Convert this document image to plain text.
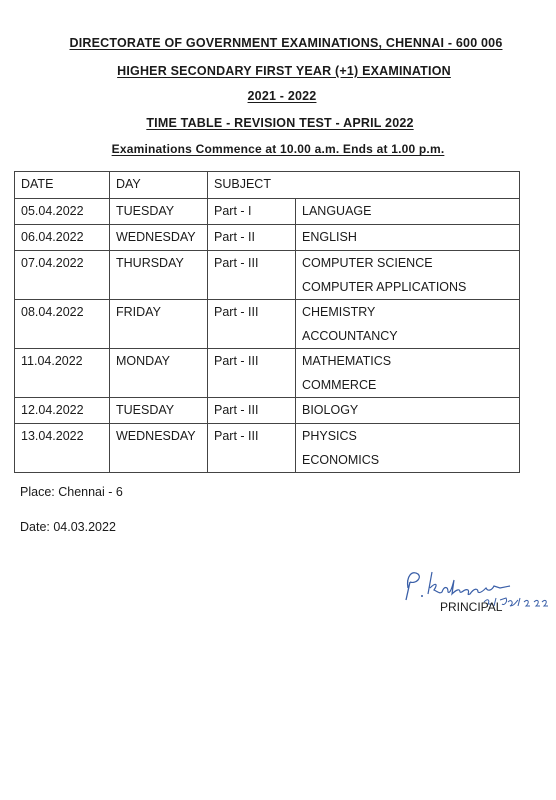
DIRECTORATE OF GOVERNMENT EXAMINATIONS, CHENNAI - 600 006
HIGHER SECONDARY FIRST YEAR (+1) EXAMINATION
2021 - 2022
TIME TABLE - REVISION TEST - APRIL 2022
Examinations Commence at 10.00 a.m. Ends at 1.00 p.m.
DATE	DAY	SUBJECT	
05.04.2022	TUESDAY	Part - I	LANGUAGE

06.04.2022	WEDNESDAY	Part - II	ENGLISH

07.04.2022	THURSDAY	Part - III	COMPUTER SCIENCE
COMPUTER APPLICATIONS

08.04.2022	FRIDAY	Part - III	CHEMISTRY
ACCOUNTANCY

11.04.2022	MONDAY	Part - III	MATHEMATICS
COMMERCE

12.04.2022	TUESDAY	Part - III	BIOLOGY

13.04.2022	WEDNESDAY	Part - III	PHYSICS
ECONOMICS
Place: Chennai - 6
Date: 04.03.2022
PRINCIPAL
